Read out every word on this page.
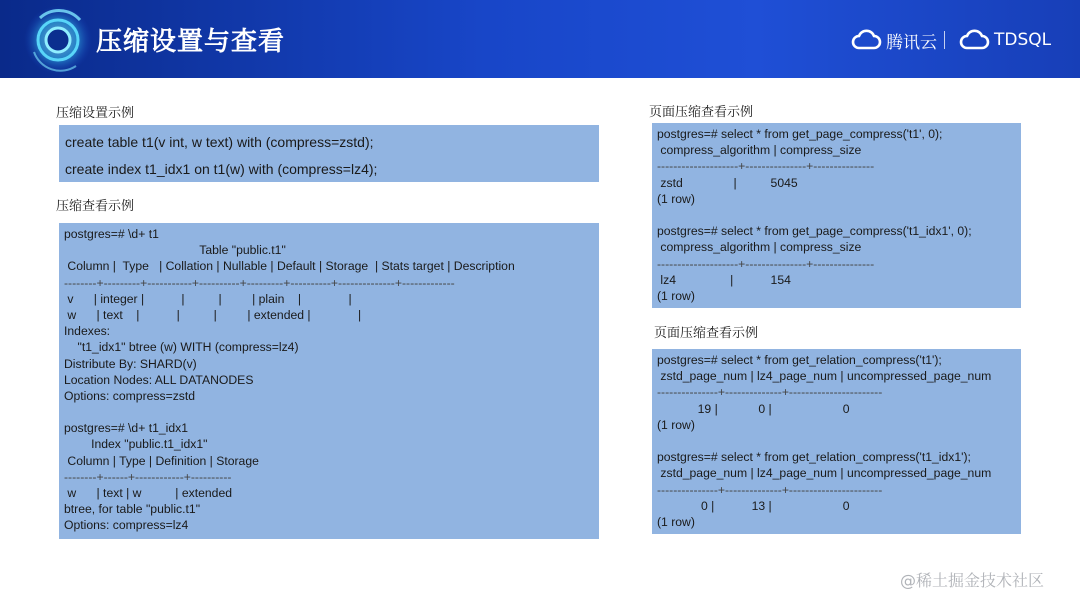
压缩设置与查看	腾讯云	TDSQL
压缩设置示例
create table t1(v int, w text) with (compress=zstd);
create index t1_idx1 on t1(w) with (compress=lz4);
压缩查看示例
postgres=# \d+ t1
Table "public.t1"
Column |  Type   | Collation | Nullable | Default | Storage  | Stats target | Description
--------+---------+-----------+----------+---------+----------+--------------+-------------
v      | integer |           |          |         | plain    |              |
w      | text    |           |          |         | extended |              |
Indexes:
"t1_idx1" btree (w) WITH (compress=lz4)
Distribute By: SHARD(v)
Location Nodes: ALL DATANODES
Options: compress=zstd
postgres=# \d+ t1_idx1
Index "public.t1_idx1"
Column | Type | Definition | Storage
--------+------+------------+----------
w      | text | w          | extended
btree, for table "public.t1"
Options: compress=lz4
页面压缩查看示例
postgres=# select * from get_page_compress('t1', 0);
compress_algorithm | compress_size
--------------------+---------------+---------------
zstd               |          5045
(1 row)
postgres=# select * from get_page_compress('t1_idx1', 0);
compress_algorithm | compress_size
--------------------+---------------+---------------
lz4                |           154
(1 row)
页面压缩查看示例
postgres=# select * from get_relation_compress('t1');
zstd_page_num | lz4_page_num | uncompressed_page_num
---------------+--------------+-----------------------
19 |            0 |                     0
(1 row)
postgres=# select * from get_relation_compress('t1_idx1');
zstd_page_num | lz4_page_num | uncompressed_page_num
---------------+--------------+-----------------------
0 |           13 |                     0
(1 row)
@稀土掘金技术社区
